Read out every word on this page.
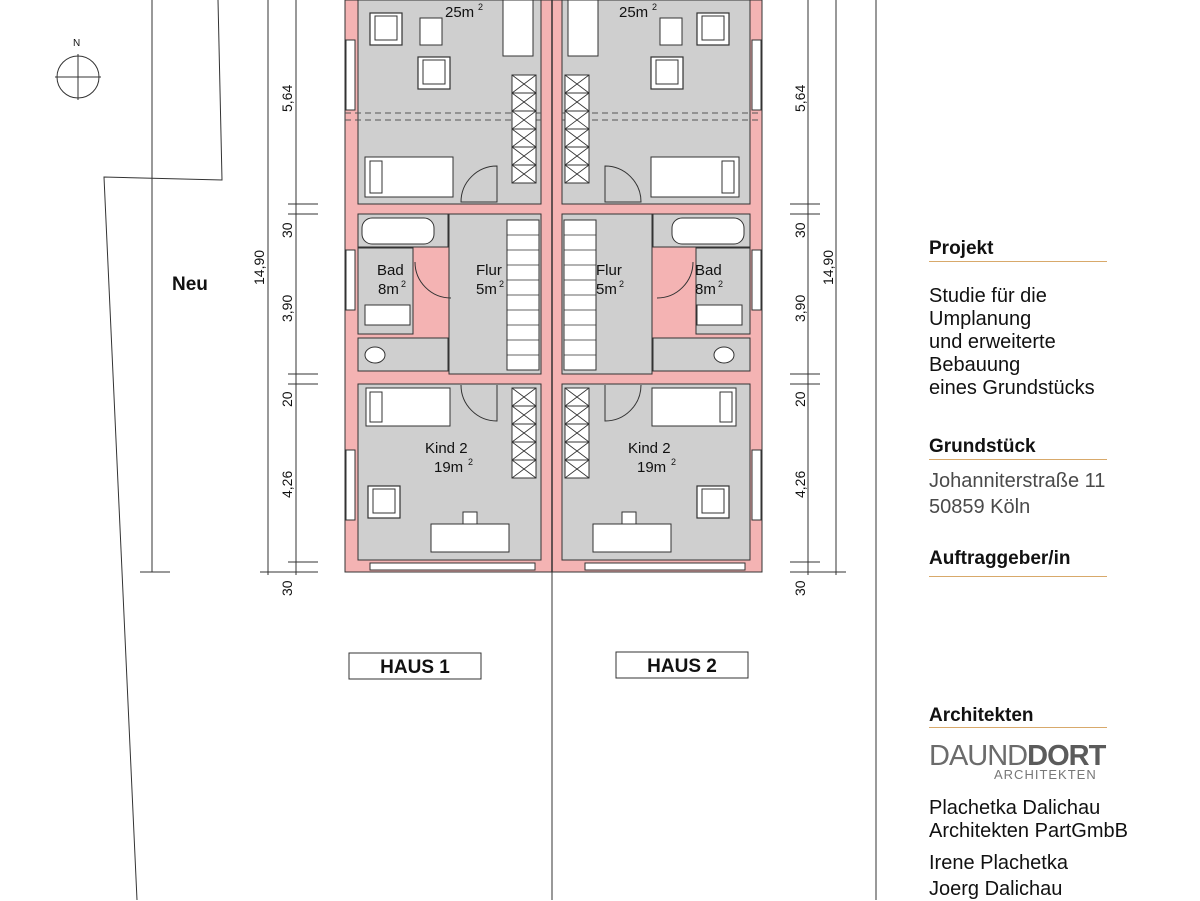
N
Neu
25m	25m
Bad
8m
Flur
5m
Flur
5m
Bad
8m
Kind 2
19m
Kind 2
19m
2	2
2	2	2	2
2	2
5,64
30
3,90
20
4,26
30
14,90
5,64
30
3,90
20
4,26
30
14,90
HAUS 1	HAUS 2
Projekt
Studie für die
Umplanung
und erweiterte
Bebauung
eines Grundstücks
Grundstück
Johanniterstraße 11
50859 Köln
Auftraggeber/in
Architekten
DAUNDDORT
ARCHITEKTEN
Plachetka Dalichau
Architekten PartGmbB
Irene Plachetka
Joerg Dalichau
